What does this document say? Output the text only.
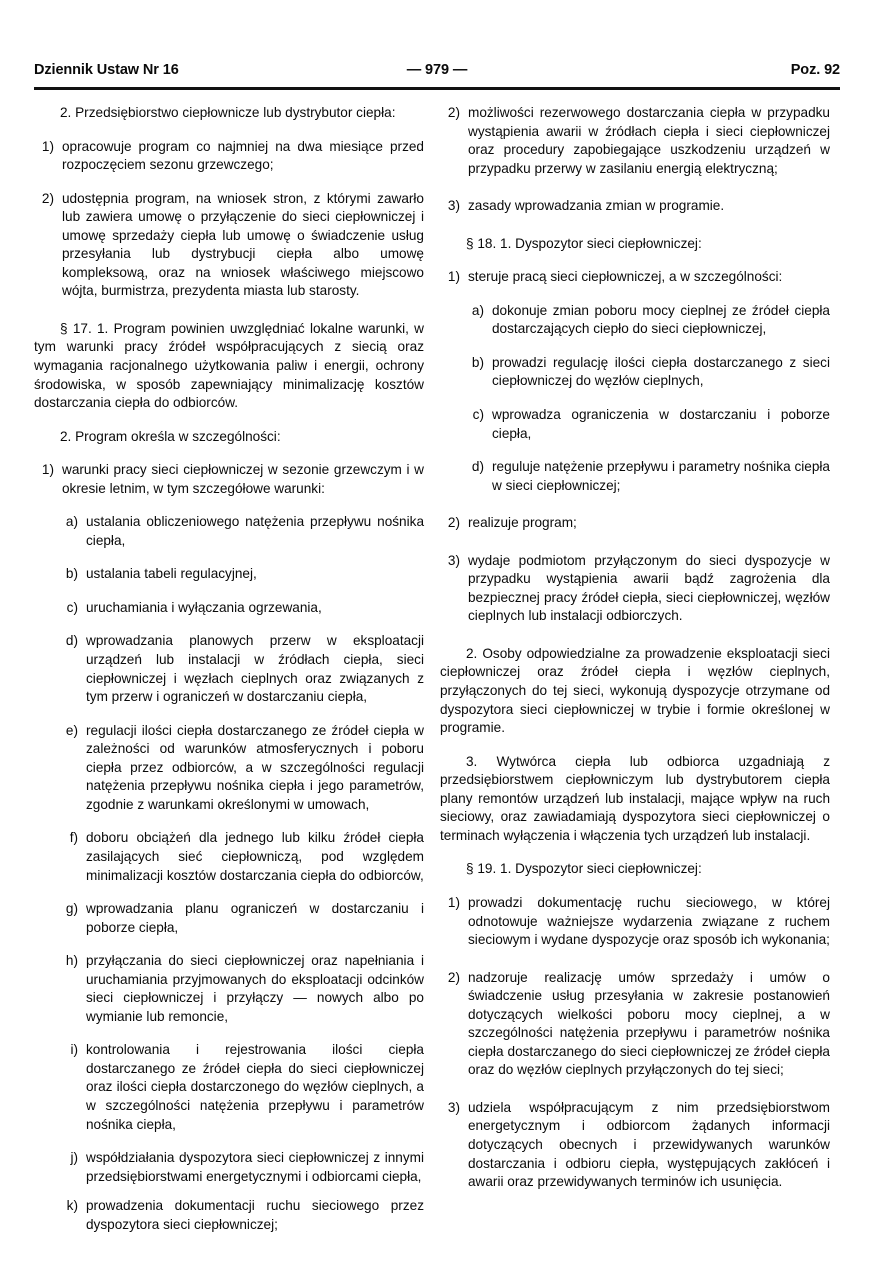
Dziennik Ustaw Nr 16	— 979 —	Poz. 92
2. Przedsiębiorstwo ciepłownicze lub dystrybutor ciepła:
1) opracowuje program co najmniej na dwa miesiące przed rozpoczęciem sezonu grzewczego;
2) udostępnia program, na wniosek stron, z którymi zawarło lub zawiera umowę o przyłączenie do sieci ciepłowniczej i umowę sprzedaży ciepła lub umowę o świadczenie usług przesyłania lub dystrybucji ciepła albo umowę kompleksową, oraz na wniosek właściwego miejscowo wójta, burmistrza, prezydenta miasta lub starosty.
§ 17. 1. Program powinien uwzględniać lokalne warunki, w tym warunki pracy źródeł współpracujących z siecią oraz wymagania racjonalnego użytkowania paliw i energii, ochrony środowiska, w sposób zapewniający minimalizację kosztów dostarczania ciepła do odbiorców.
2. Program określa w szczególności:
1) warunki pracy sieci ciepłowniczej w sezonie grzewczym i w okresie letnim, w tym szczegółowe warunki:
a) ustalania obliczeniowego natężenia przepływu nośnika ciepła,
b) ustalania tabeli regulacyjnej,
c) uruchamiania i wyłączania ogrzewania,
d) wprowadzania planowych przerw w eksploatacji urządzeń lub instalacji w źródłach ciepła, sieci ciepłowniczej i węzłach cieplnych oraz związanych z tym przerw i ograniczeń w dostarczaniu ciepła,
e) regulacji ilości ciepła dostarczanego ze źródeł ciepła w zależności od warunków atmosferycznych i poboru ciepła przez odbiorców, a w szczególności regulacji natężenia przepływu nośnika ciepła i jego parametrów, zgodnie z warunkami określonymi w umowach,
f) doboru obciążeń dla jednego lub kilku źródeł ciepła zasilających sieć ciepłowniczą, pod względem minimalizacji kosztów dostarczania ciepła do odbiorców,
g) wprowadzania planu ograniczeń w dostarczaniu i poborze ciepła,
h) przyłączania do sieci ciepłowniczej oraz napełniania i uruchamiania przyjmowanych do eksploatacji odcinków sieci ciepłowniczej i przyłączy — nowych albo po wymianie lub remoncie,
i) kontrolowania i rejestrowania ilości ciepła dostarczanego ze źródeł ciepła do sieci ciepłowniczej oraz ilości ciepła dostarczonego do węzłów cieplnych, a w szczególności natężenia przepływu i parametrów nośnika ciepła,
j) współdziałania dyspozytora sieci ciepłowniczej z innymi przedsiębiorstwami energetycznymi i odbiorcami ciepła,
k) prowadzenia dokumentacji ruchu sieciowego przez dyspozytora sieci ciepłowniczej;
2) możliwości rezerwowego dostarczania ciepła w przypadku wystąpienia awarii w źródłach ciepła i sieci ciepłowniczej oraz procedury zapobiegające uszkodzeniu urządzeń w przypadku przerwy w zasilaniu energią elektryczną;
3) zasady wprowadzania zmian w programie.
§ 18. 1. Dyspozytor sieci ciepłowniczej:
1) steruje pracą sieci ciepłowniczej, a w szczególności:
a) dokonuje zmian poboru mocy cieplnej ze źródeł ciepła dostarczających ciepło do sieci ciepłowniczej,
b) prowadzi regulację ilości ciepła dostarczanego z sieci ciepłowniczej do węzłów cieplnych,
c) wprowadza ograniczenia w dostarczaniu i poborze ciepła,
d) reguluje natężenie przepływu i parametry nośnika ciepła w sieci ciepłowniczej;
2) realizuje program;
3) wydaje podmiotom przyłączonym do sieci dyspozycje w przypadku wystąpienia awarii bądź zagrożenia dla bezpiecznej pracy źródeł ciepła, sieci ciepłowniczej, węzłów cieplnych lub instalacji odbiorczych.
2. Osoby odpowiedzialne za prowadzenie eksploatacji sieci ciepłowniczej oraz źródeł ciepła i węzłów cieplnych, przyłączonych do tej sieci, wykonują dyspozycje otrzymane od dyspozytora sieci ciepłowniczej w trybie i formie określonej w programie.
3. Wytwórca ciepła lub odbiorca uzgadniają z przedsiębiorstwem ciepłowniczym lub dystrybutorem ciepła plany remontów urządzeń lub instalacji, mające wpływ na ruch sieciowy, oraz zawiadamiają dyspozytora sieci ciepłowniczej o terminach wyłączenia i włączenia tych urządzeń lub instalacji.
§ 19. 1. Dyspozytor sieci ciepłowniczej:
1) prowadzi dokumentację ruchu sieciowego, w której odnotowuje ważniejsze wydarzenia związane z ruchem sieciowym i wydane dyspozycje oraz sposób ich wykonania;
2) nadzoruje realizację umów sprzedaży i umów o świadczenie usług przesyłania w zakresie postanowień dotyczących wielkości poboru mocy cieplnej, a w szczególności natężenia przepływu i parametrów nośnika ciepła dostarczanego do sieci ciepłowniczej ze źródeł ciepła oraz do węzłów cieplnych przyłączonych do tej sieci;
3) udziela współpracującym z nim przedsiębiorstwom energetycznym i odbiorcom żądanych informacji dotyczących obecnych i przewidywanych warunków dostarczania i odbioru ciepła, występujących zakłóceń i awarii oraz przewidywanych terminów ich usunięcia.
